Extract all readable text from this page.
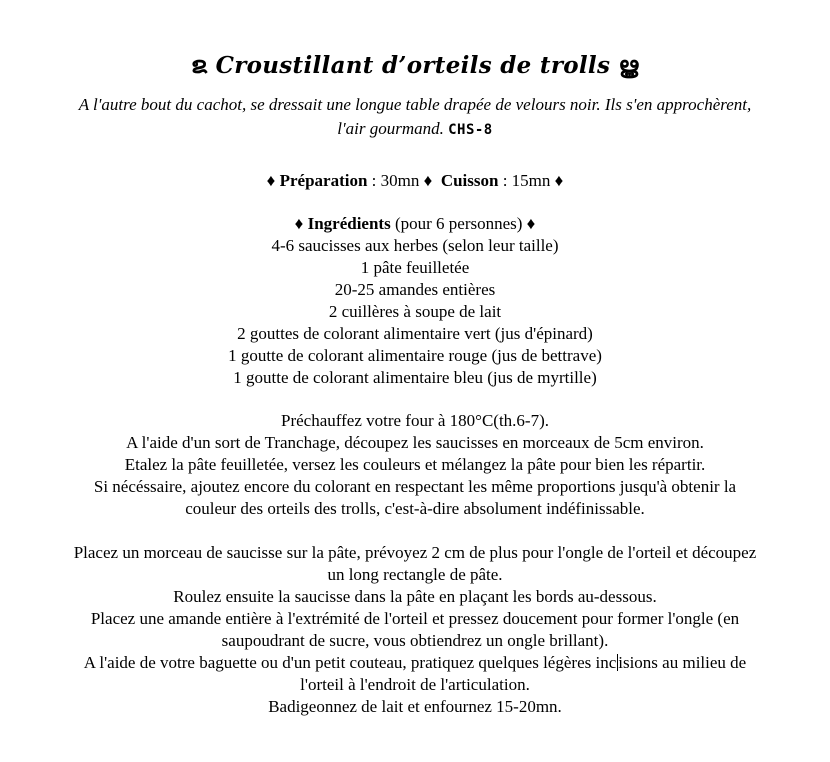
ຂ Croustillant d’orteils de trolls ൠ
A l'autre bout du cachot, se dressait une longue table drapée de velours noir. Ils s'en approchèrent,
l'air gourmand. CHS-8
♦ Préparation : 30mn ♦ Cuisson : 15mn ♦
♦ Ingrédients (pour 6 personnes) ♦
4-6 saucisses aux herbes (selon leur taille)
1 pâte feuilletée
20-25 amandes entières
2 cuillères à soupe de lait
2 gouttes de colorant alimentaire vert (jus d'épinard)
1 goutte de colorant alimentaire rouge (jus de bettrave)
1 goutte de colorant alimentaire bleu (jus de myrtille)
Préchauffez votre four à 180°C(th.6-7).
A l'aide d'un sort de Tranchage, découpez les saucisses en morceaux de 5cm environ.
Etalez la pâte feuilletée, versez les couleurs et mélangez la pâte pour bien les répartir.
Si nécéssaire, ajoutez encore du colorant en respectant les même proportions jusqu'à obtenir la
couleur des orteils des trolls, c'est-à-dire absolument indéfinissable.
Placez un morceau de saucisse sur la pâte, prévoyez 2 cm de plus pour l'ongle de l'orteil et découpez
un long rectangle de pâte.
Roulez ensuite la saucisse dans la pâte en plaçant les bords au-dessous.
Placez une amande entière à l'extrémité de l'orteil et pressez doucement pour former l'ongle (en
saupoudrant de sucre, vous obtiendrez un ongle brillant).
A l'aide de votre baguette ou d'un petit couteau, pratiquez quelques légères inc isions au milieu de
l'orteil à l'endroit de l'articulation.
Badigeonnez de lait et enfournez 15-20mn.
